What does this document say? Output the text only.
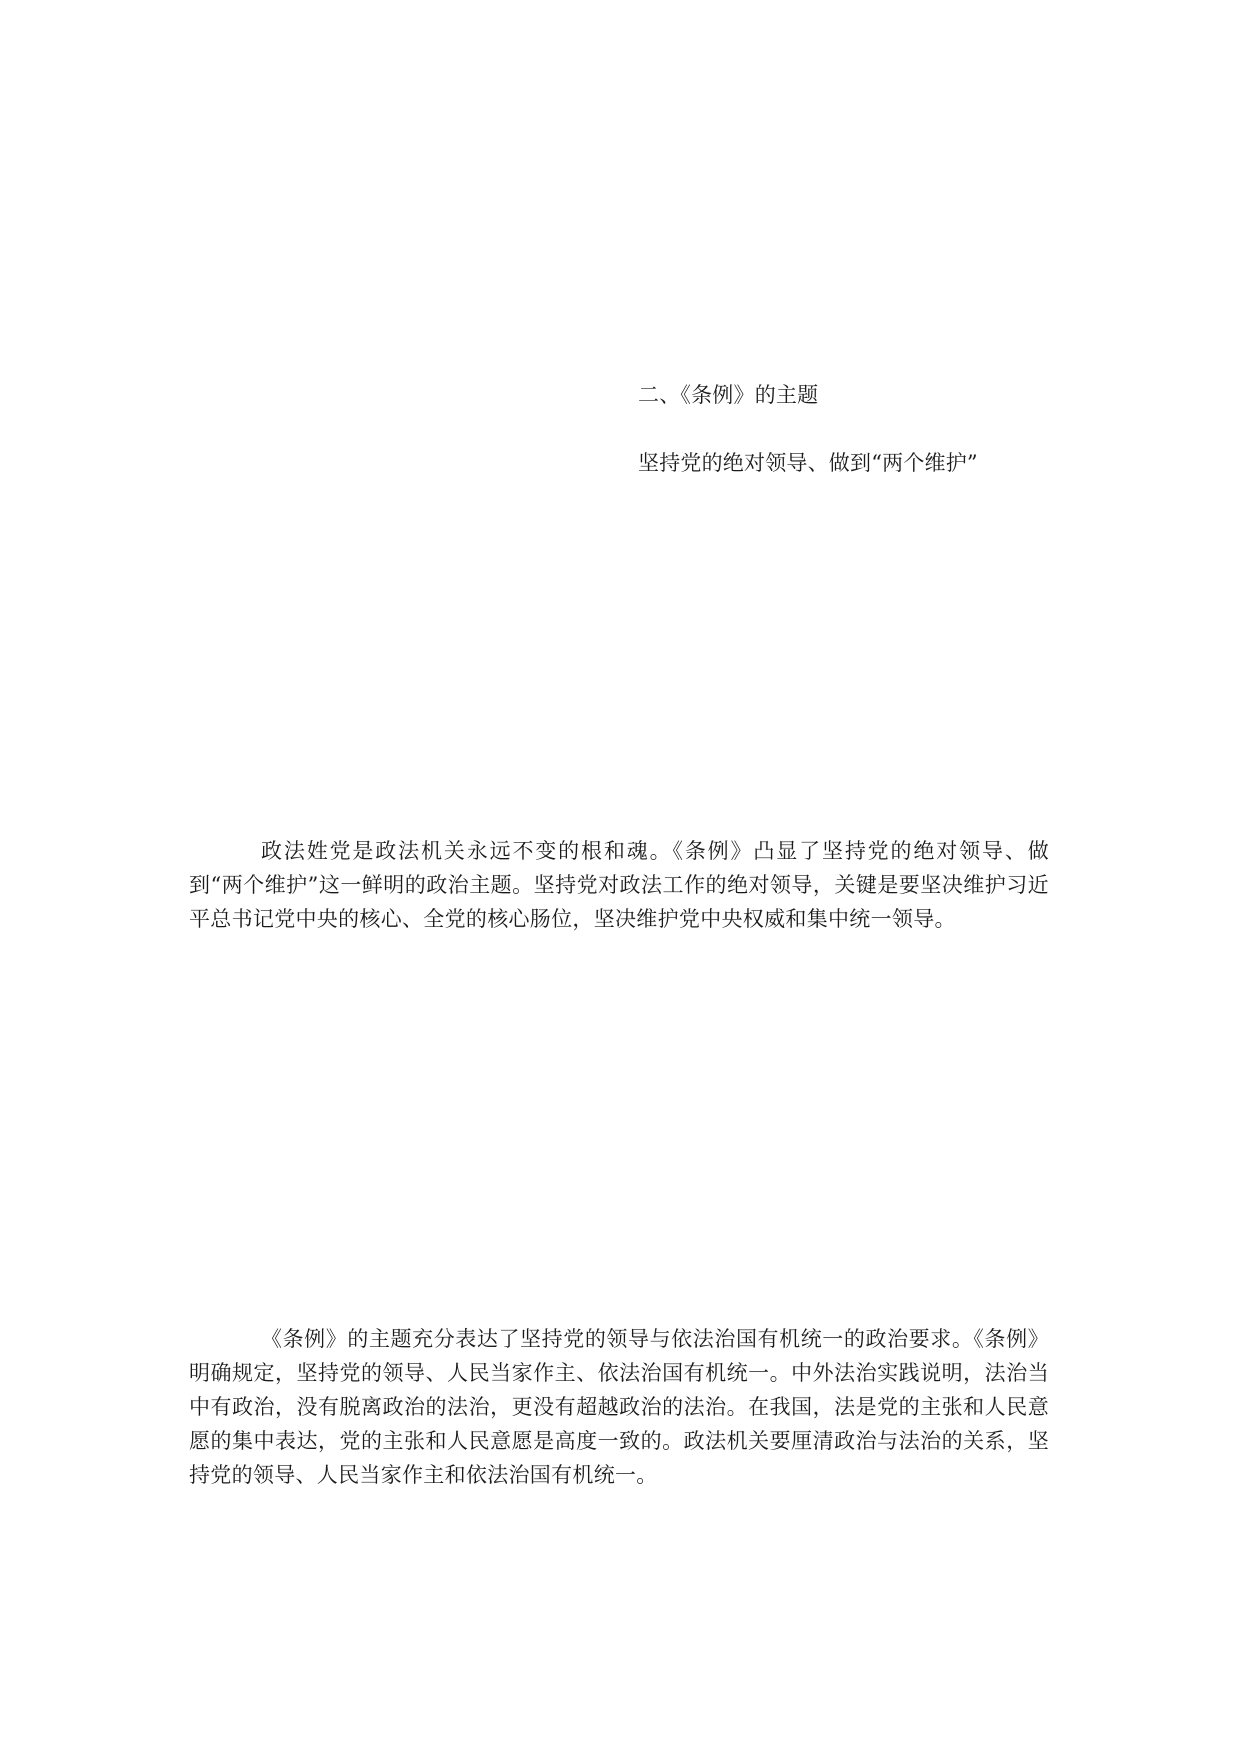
二、《条例》的主题
坚持党的绝对领导、做到“两个维护”

政法姓党是政法机关永远不变的根和魂。《条例》凸显了坚持党的绝对领导、做到“两个维护”这一鲜明的政治主题。坚持党对政法工作的绝对领导，关键是要坚决维护习近平总书记党中央的核心、全党的核心肠位，坚决维护党中央权威和集中统一领导。

《条例》的主题充分表达了坚持党的领导与依法治国有机统一的政治要求。《条例》明确规定，坚持党的领导、人民当家作主、依法治国有机统一。中外法治实践说明，法治当中有政治，没有脱离政治的法治，更没有超越政治的法治。在我国，法是党的主张和人民意愿的集中表达，党的主张和人民意愿是高度一致的。政法机关要厘清政治与法治的关系，坚持党的领导、人民当家作主和依法治国有机统一。
